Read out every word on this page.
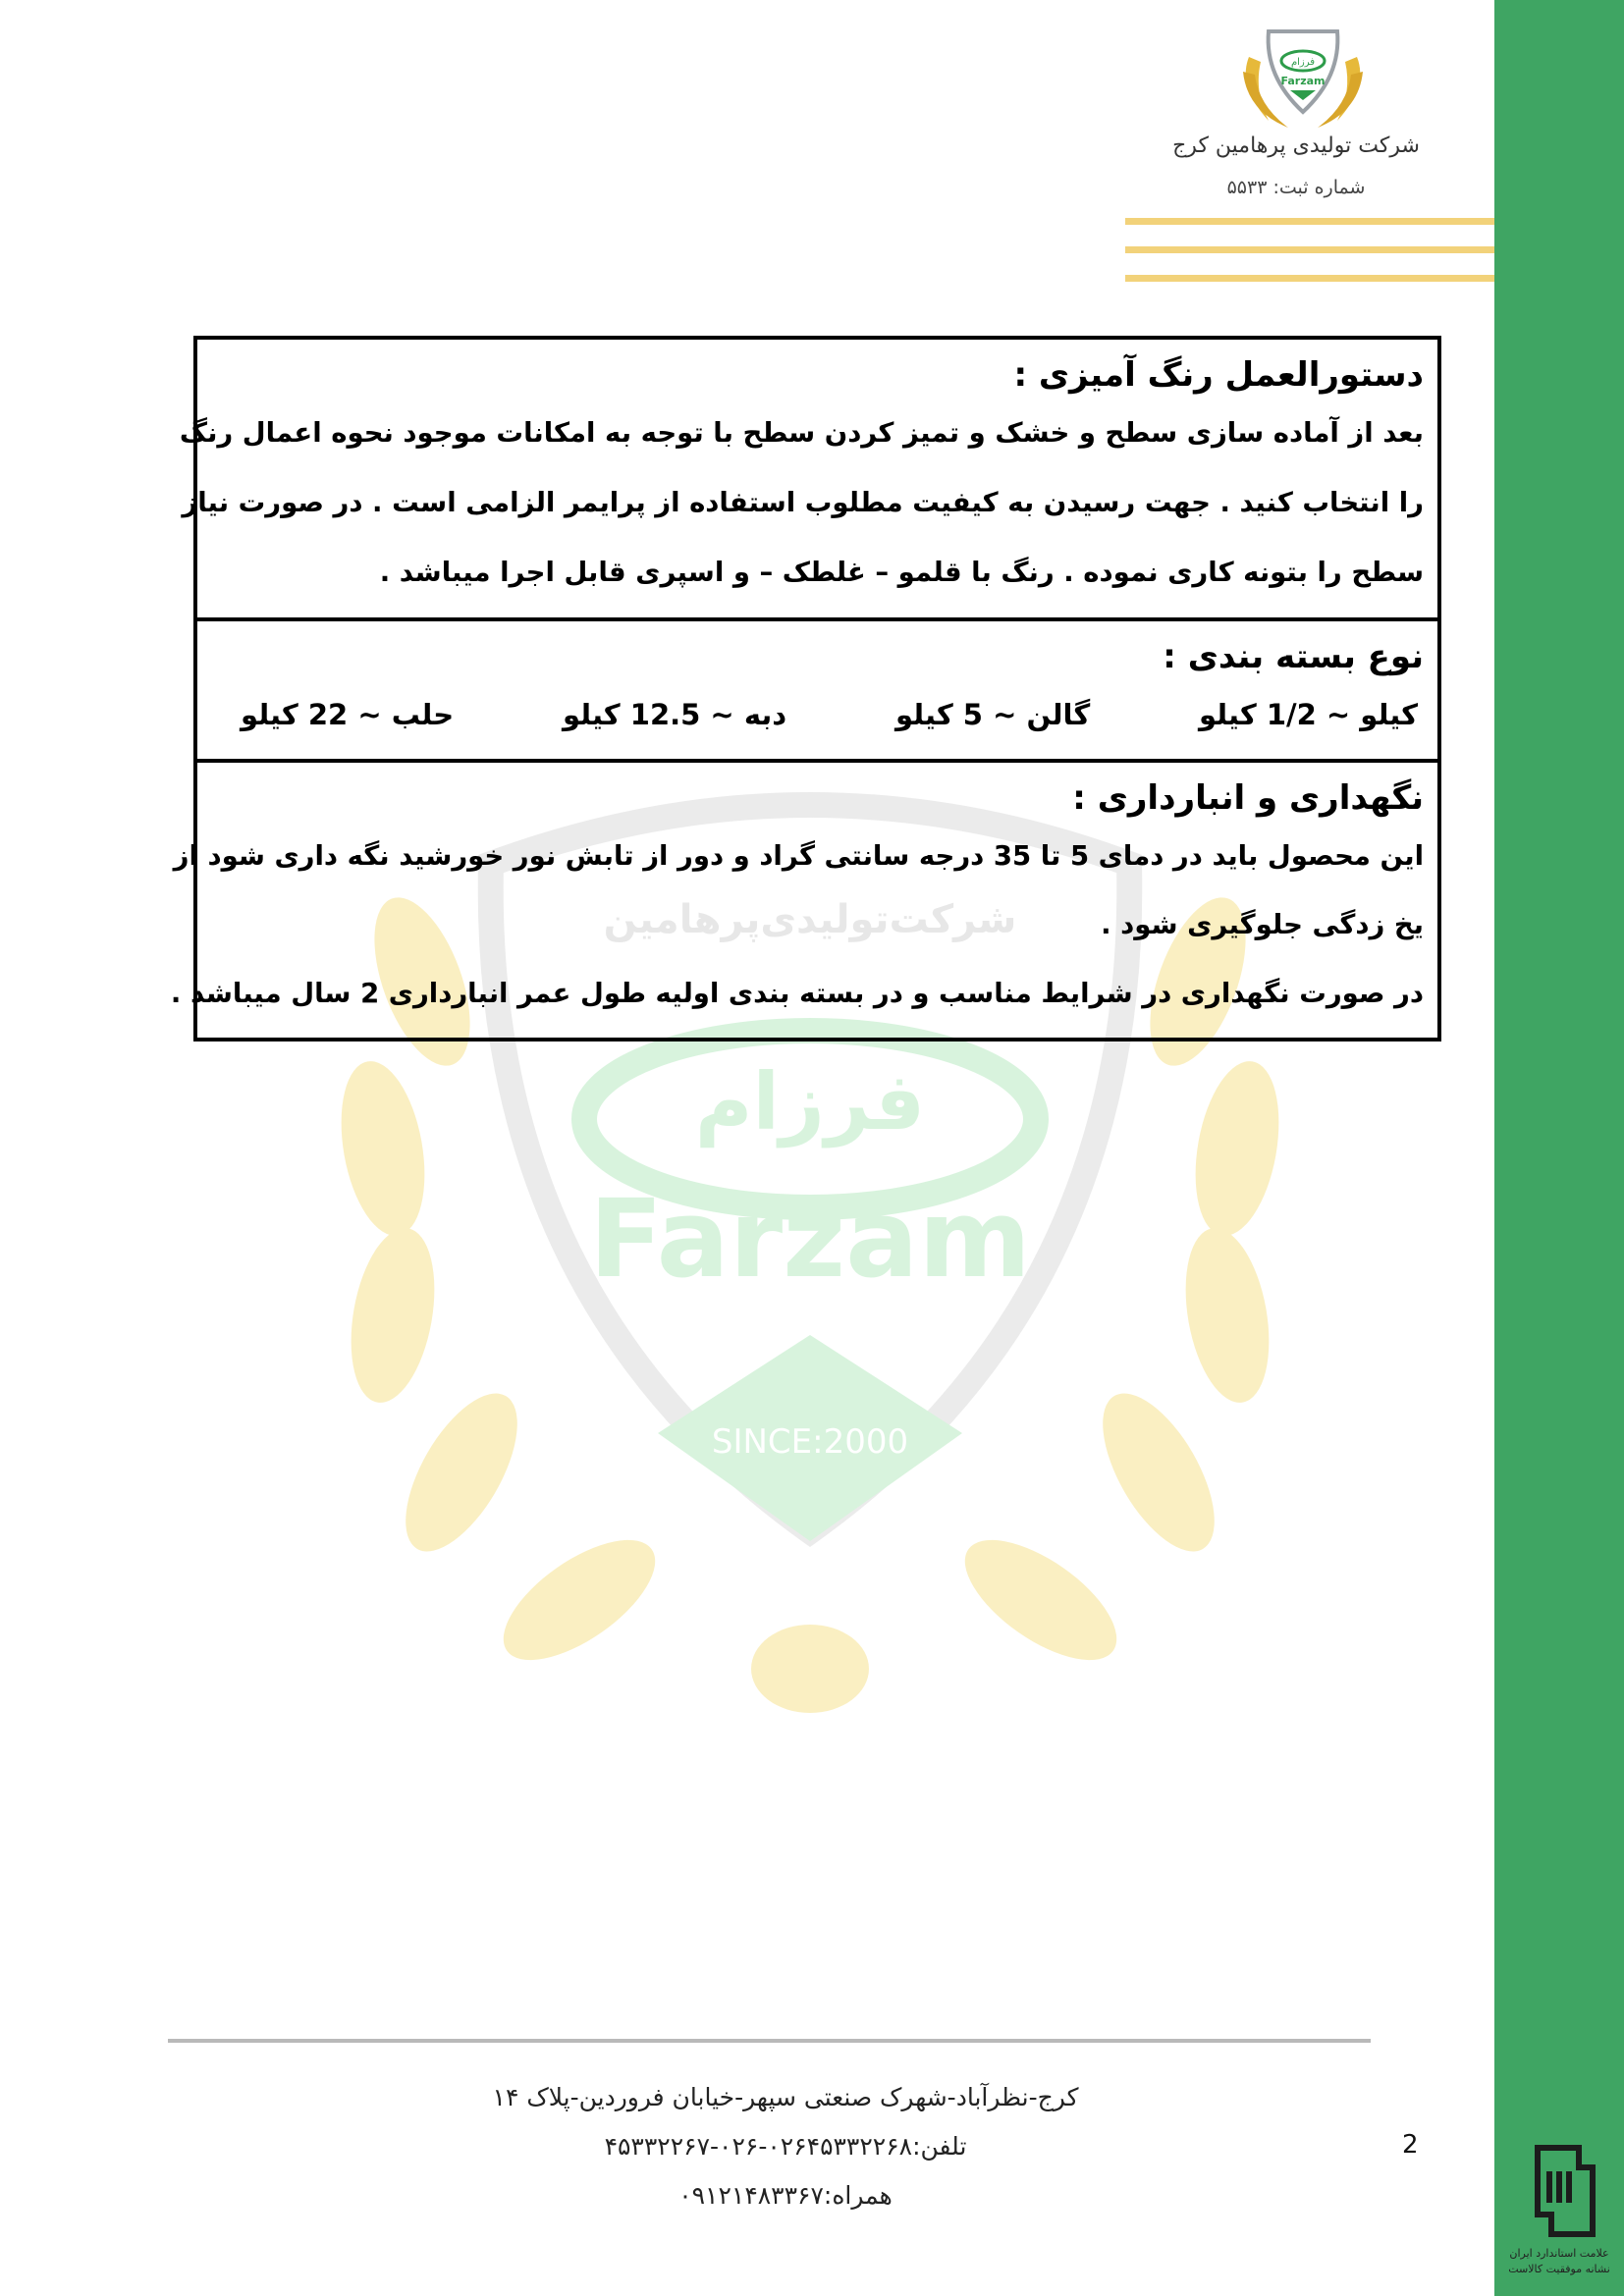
فرزام
Farzam
شرکت تولیدی پرهامین کرج
شماره ثبت: ۵۵۳۳
فرزام
Farzam
SINCE:2000
شرکت‌تولیدی‌پرهامین
دستورالعمل رنگ آمیزی :
بعد از آماده سازی سطح و خشک و تمیز کردن سطح با توجه به امکانات موجود نحوه اعمال رنگ
را انتخاب کنید . جهت رسیدن به کیفیت مطلوب استفاده از پرایمر الزامی است . در صورت نیاز
سطح را بتونه کاری نموده . رنگ با قلمو – غلطک – و اسپری قابل اجرا میباشد .
نوع بسته بندی :
کیلو ~ 1/2 کیلو
گالن ~ 5 کیلو
دبه ~ 12.5 کیلو
حلب ~ 22 کیلو
نگهداری و انبارداری :
این محصول باید در دمای 5 تا 35 درجه سانتی گراد و دور از تابش نور خورشید نگه داری شود از
یخ زدگی جلوگیری شود .
در صورت نگهداری در شرایط مناسب و در بسته بندی اولیه طول عمر انبارداری 2 سال میباشد .
کرج-نظرآباد-شهرک صنعتی سپهر-خیابان فروردین-پلاک ۱۴
تلفن:۰۲۶۴۵۳۳۲۲۶۸-۰۲۶-۴۵۳۳۲۲۶۷
همراه:۰۹۱۲۱۴۸۳۳۶۷
2
علامت استاندارد ایران
نشانه موفقیت کالاست
